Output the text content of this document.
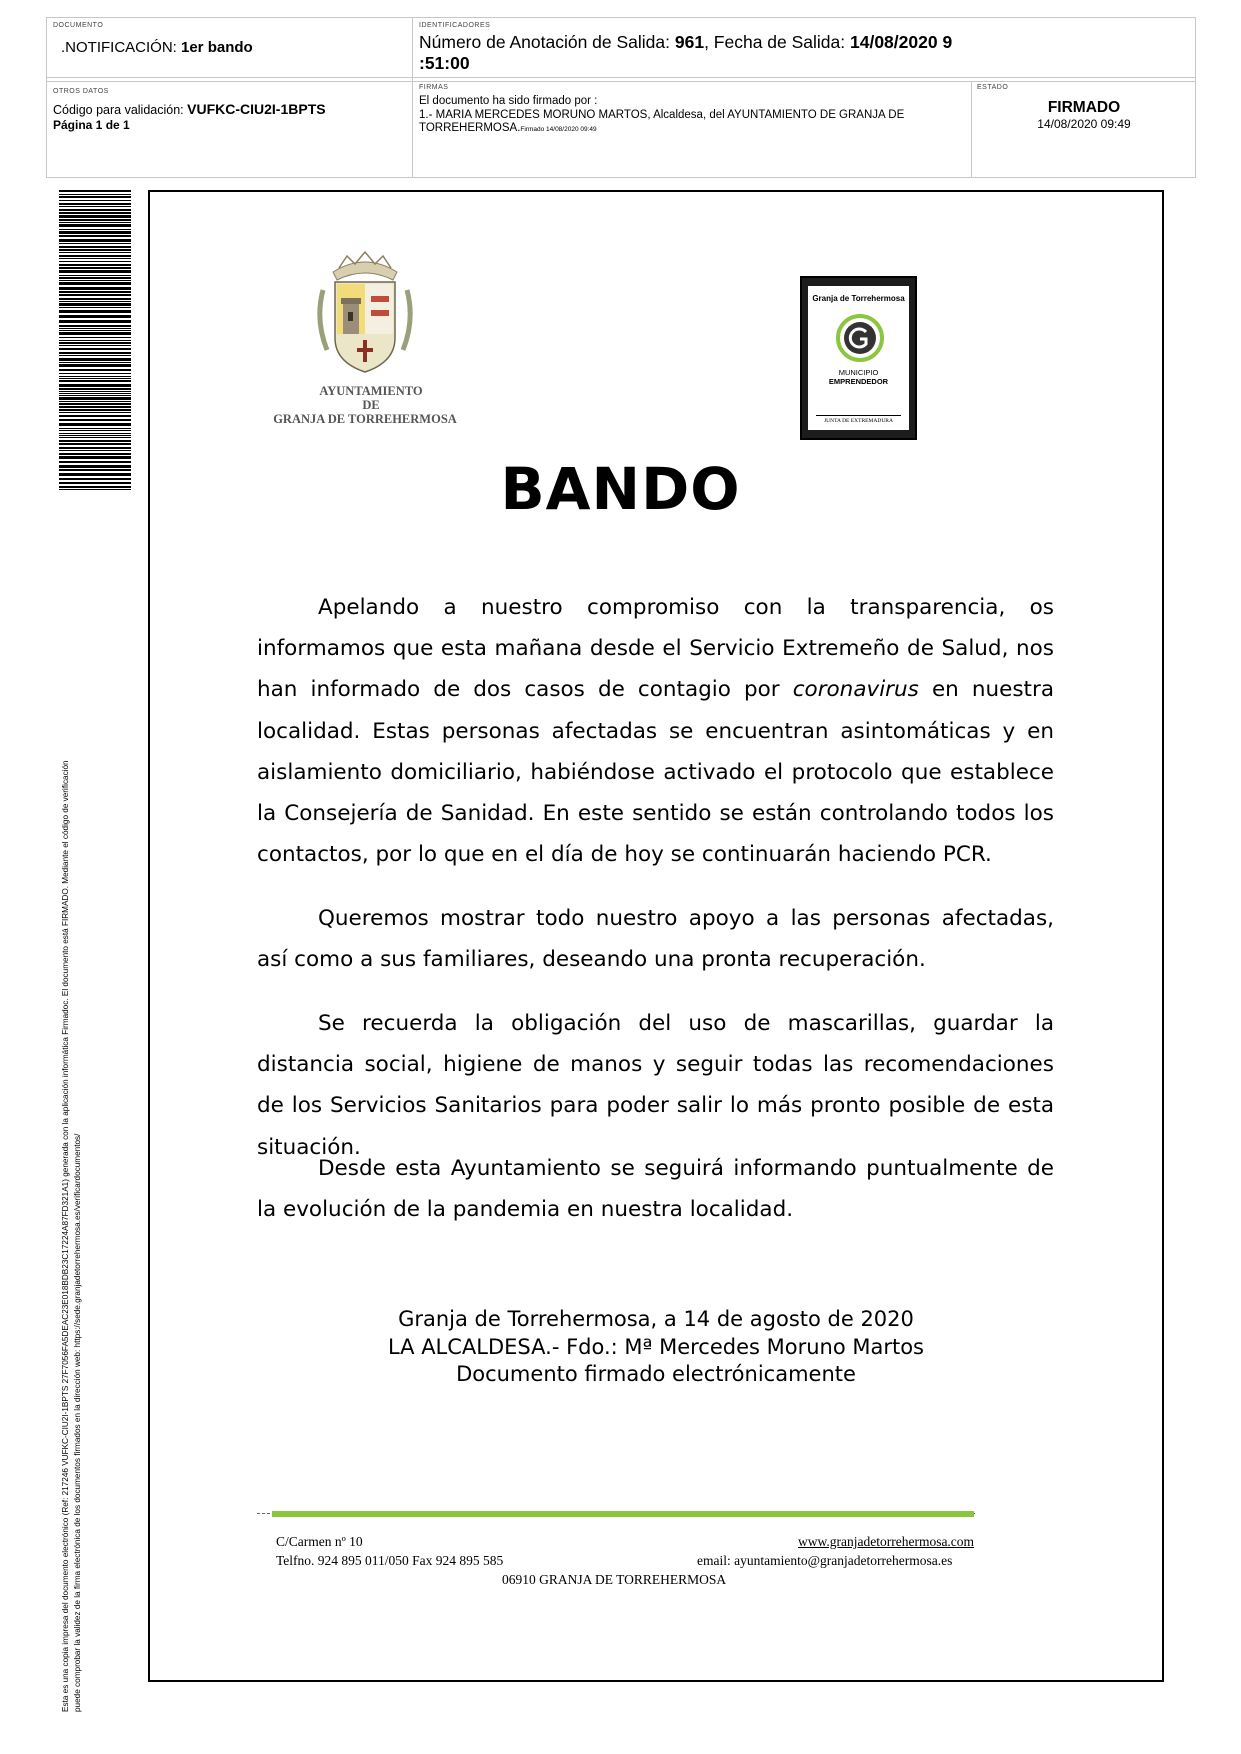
DOCUMENTO
.NOTIFICACIÓN: 1er bando
IDENTIFICADORES
Número de Anotación de Salida: 961, Fecha de Salida: 14/08/2020 9
:51:00
OTROS DATOS
Código para validación: VUFKC-CIU2I-1BPTS
Página 1 de 1
FIRMAS
El documento ha sido firmado por :
1.- MARIA MERCEDES MORUNO MARTOS, Alcaldesa, del AYUNTAMIENTO DE GRANJA DE
TORREHERMOSA.Firmado 14/08/2020 09:49
ESTADO
FIRMADO
14/08/2020 09:49
Esta es una copia impresa del documento electrónico (Ref: 217246 VUFKC-CIU2I-1BPTS 27F7056FA5DEAC23E018BDB23C17224A87FD321A1) generada con la aplicación informática Firmadoc. El documento está FIRMADO. Mediante el código de verificación puede comprobar la validez de la firma electrónica de los documentos firmados en la dirección web: https://sede.granjadetorrehermosa.es/verificardocumentos/
AYUNTAMIENTO
DE
GRANJA DE TORREHERMOSA
Granja de Torrehermosa
MUNICIPIO
EMPRENDEDOR
JUNTA DE EXTREMADURA
BANDO

Apelando a nuestro compromiso con la transparencia, os informamos que esta mañana desde el Servicio Extremeño de Salud, nos han informado de dos casos de contagio por coronavirus en nuestra localidad. Estas personas afectadas se encuentran asintomáticas y en aislamiento domiciliario, habiéndose activado el protocolo que establece la Consejería de Sanidad. En este sentido se están controlando todos los contactos, por lo que en el día de hoy se continuarán haciendo PCR.

Queremos mostrar todo nuestro apoyo a las personas afectadas, así como a sus familiares, deseando una pronta recuperación.

Se recuerda la obligación del uso de mascarillas, guardar la distancia social, higiene de manos y seguir todas las recomendaciones de los Servicios Sanitarios para poder salir lo más pronto posible de esta situación.

Desde esta Ayuntamiento se seguirá informando puntualmente de la evolución de la pandemia en nuestra localidad.

Granja de Torrehermosa, a 14 de agosto de 2020
LA ALCALDESA.- Fdo.: Mª Mercedes Moruno Martos
Documento firmado electrónicamente
C/Carmen nº 10
Telfno. 924 895 011/050 Fax 924 895 585
www.granjadetorrehermosa.com
email: ayuntamiento@granjadetorrehermosa.es
06910 GRANJA DE TORREHERMOSA
